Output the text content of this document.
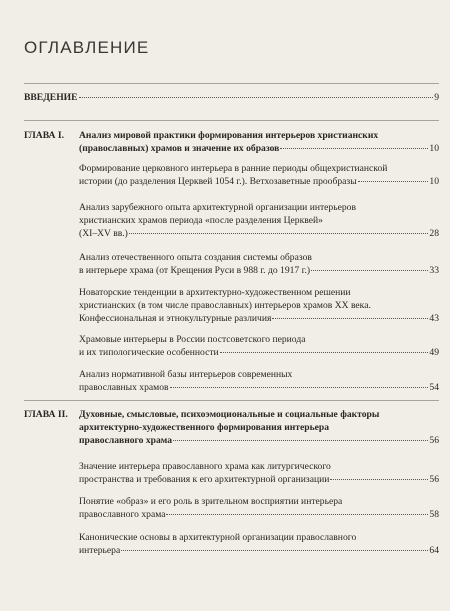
ОГЛАВЛЕНИЕ
ВВЕДЕНИЕ	9
ГЛАВА I.	Анализ мировой практики формирования интерьеров христианских
(православных) храмов и значение их образов	10
Формирование церковного интерьера в ранние периоды общехристианской
истории (до разделения Церквей 1054 г.). Ветхозаветные прообразы	10
Анализ зарубежного опыта архитектурной организации интерьеров
христианских храмов периода «после разделения Церквей»
(XI–XV вв.)	28
Анализ отечественного опыта создания системы образов
в интерьере храма (от Крещения Руси в 988 г. до 1917 г.)	33
Новаторские тенденции в архитектурно-художественном решении
христианских (в том числе православных) интерьеров храмов XX века.
Конфессиональная и этнокультурные различия	43
Храмовые интерьеры в России постсоветского периода
и их типологические особенности	49
Анализ нормативной базы интерьеров современных
православных храмов	54
ГЛАВА II.	Духовные, смысловые, психоэмоциональные и социальные факторы
архитектурно-художественного формирования интерьера
православного храма	56
Значение интерьера православного храма как литургического
пространства и требования к его архитектурной организации	56
Понятие «образ» и его роль в зрительном восприятии интерьера
православного храма	58
Канонические основы в архитектурной организации православного
интерьера	64
